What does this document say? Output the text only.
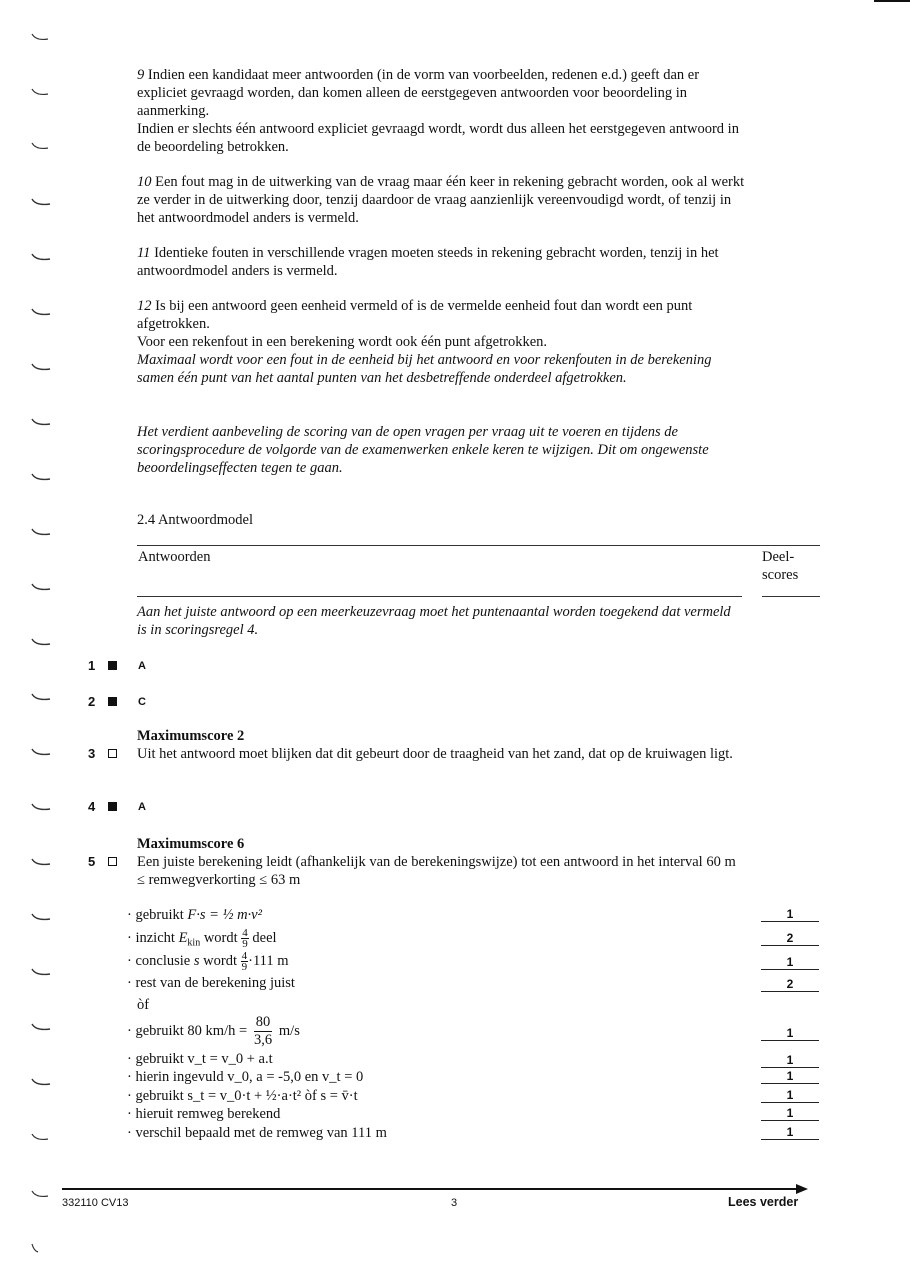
9 Indien een kandidaat meer antwoorden (in de vorm van voorbeelden, redenen e.d.) geeft dan er expliciet gevraagd worden, dan komen alleen de eerstgegeven antwoorden voor beoordeling in aanmerking.
Indien er slechts één antwoord expliciet gevraagd wordt, wordt dus alleen het eerstgegeven antwoord in de beoordeling betrokken.
10 Een fout mag in de uitwerking van de vraag maar één keer in rekening gebracht worden, ook al werkt ze verder in de uitwerking door, tenzij daardoor de vraag aanzienlijk vereenvoudigd wordt, of tenzij in het antwoordmodel anders is vermeld.
11 Identieke fouten in verschillende vragen moeten steeds in rekening gebracht worden, tenzij in het antwoordmodel anders is vermeld.
12 Is bij een antwoord geen eenheid vermeld of is de vermelde eenheid fout dan wordt een punt afgetrokken.
Voor een rekenfout in een berekening wordt ook één punt afgetrokken.
Maximaal wordt voor een fout in de eenheid bij het antwoord en voor rekenfouten in de berekening samen één punt van het aantal punten van het desbetreffende onderdeel afgetrokken.
Het verdient aanbeveling de scoring van de open vragen per vraag uit te voeren en tijdens de scoringsprocedure de volgorde van de examenwerken enkele keren te wijzigen. Dit om ongewenste beoordelingseffecten tegen te gaan.
2.4 Antwoordmodel
Antwoorden	Deel-
scores
Aan het juiste antwoord op een meerkeuzevraag moet het puntenaantal worden toegekend dat vermeld is in scoringsregel 4.
1	A
2	C
Maximumscore 2
3	Uit het antwoord moet blijken dat dit gebeurt door de traagheid van het zand, dat op de kruiwagen ligt.
4	A
Maximumscore 6
5	Een juiste berekening leidt (afhankelijk van de berekeningswijze) tot een antwoord in het interval 60 m ≤ remwegverkorting ≤ 63 m
· gebruikt F·s = ½ m·v²	1
· inzicht $E_{kin}$ wordt $\frac{4}{9}$ deel	2
· conclusie s wordt $\frac{4}{9} \cdot 111$ m	1
· rest van de berekening juist	2
òf
· gebruikt 80 $km/h = \frac{80}{3,6} m/s$	1
· gebruikt v_t = v_0 + a.t	1
· hierin ingevuld v_0, a = -5,0 en v_t = 0	1
· gebruikt s_t = v_0·t + ½·a·t² òf s = v̄·t	1
· hieruit remweg berekend	1
· verschil bepaald met de remweg van 111 m	1
332110 CV13	3	Lees verder
